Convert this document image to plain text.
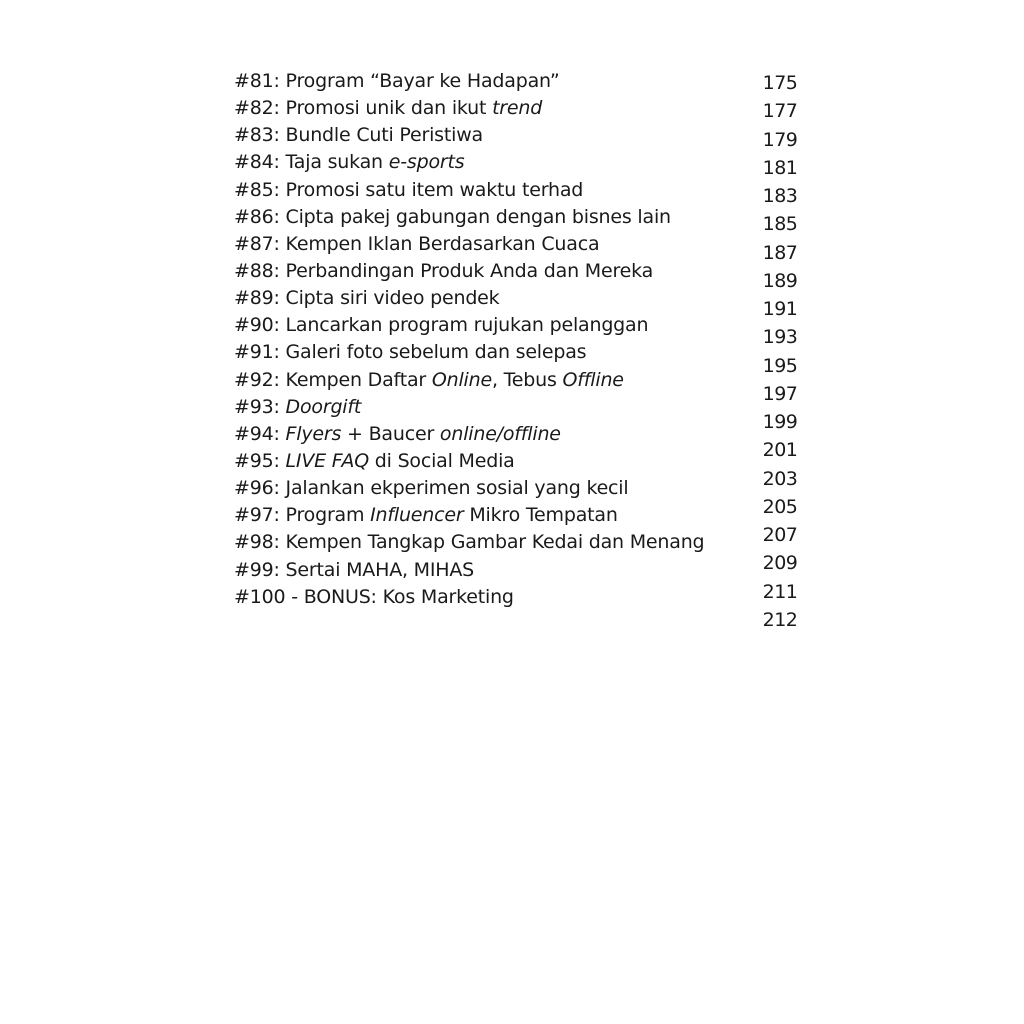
#81: Program “Bayar ke Hadapan”
#82: Promosi unik dan ikut trend
#83: Bundle Cuti Peristiwa
#84: Taja sukan e-sports
#85: Promosi satu item waktu terhad
#86: Cipta pakej gabungan dengan bisnes lain
#87: Kempen Iklan Berdasarkan Cuaca
#88: Perbandingan Produk Anda dan Mereka
#89: Cipta siri video pendek
#90: Lancarkan program rujukan pelanggan
#91: Galeri foto sebelum dan selepas
#92: Kempen Daftar Online, Tebus Offline
#93: Doorgift
#94: Flyers + Baucer online/offline
#95: LIVE FAQ di Social Media
#96: Jalankan ekperimen sosial yang kecil
#97: Program Influencer Mikro Tempatan
#98: Kempen Tangkap Gambar Kedai dan Menang
#99: Sertai MAHA, MIHAS
#100 - BONUS: Kos Marketing
175
177
179
181
183
185
187
189
191
193
195
197
199
201
203
205
207
209
211
212
